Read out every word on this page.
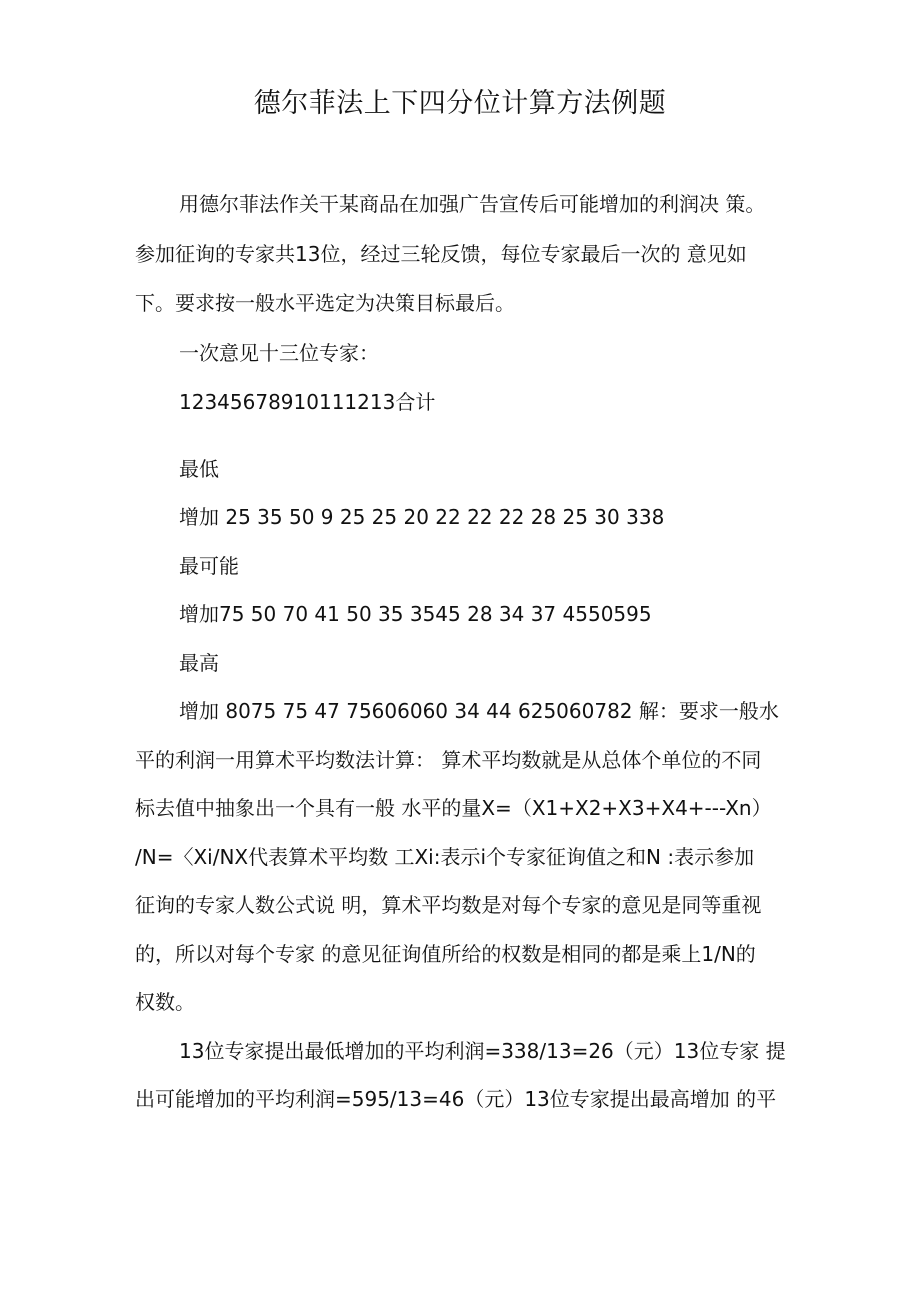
德尔菲法上下四分位计算方法例题
用德尔菲法作关干某商品在加强广告宣传后可能增加的利润决 策。
参加征询的专家共13位，经过三轮反馈，每位专家最后一次的 意见如
下。要求按一般水平选定为决策目标最后。
一次意见十三位专家：
12345678910111213合计
最低
增加 25 35 50 9 25 25 20 22 22 22 28 25 30 338
最可能
增加75 50 70 41 50 35 3545 28 34 37 4550595
最高
增加 8075 75 47 75606060 34 44 625060782 解：要求一般水
平的利润一用算术平均数法计算： 算术平均数就是从总体个单位的不同
标去值中抽象出一个具有一般 水平的量X=（X1+X2+X3+X4+---Xn）
/N=〈Xi/NX代表算术平均数 工Xi:表示i个专家征询值之和N :表示参加
征询的专家人数公式说 明，算术平均数是对每个专家的意见是同等重视
的，所以对每个专家 的意见征询值所给的权数是相同的都是乘上1/N的
权数。
13位专家提出最低增加的平均利润=338/13=26（元）13位专家 提
出可能增加的平均利润=595/13=46（元）13位专家提出最高增加 的平
